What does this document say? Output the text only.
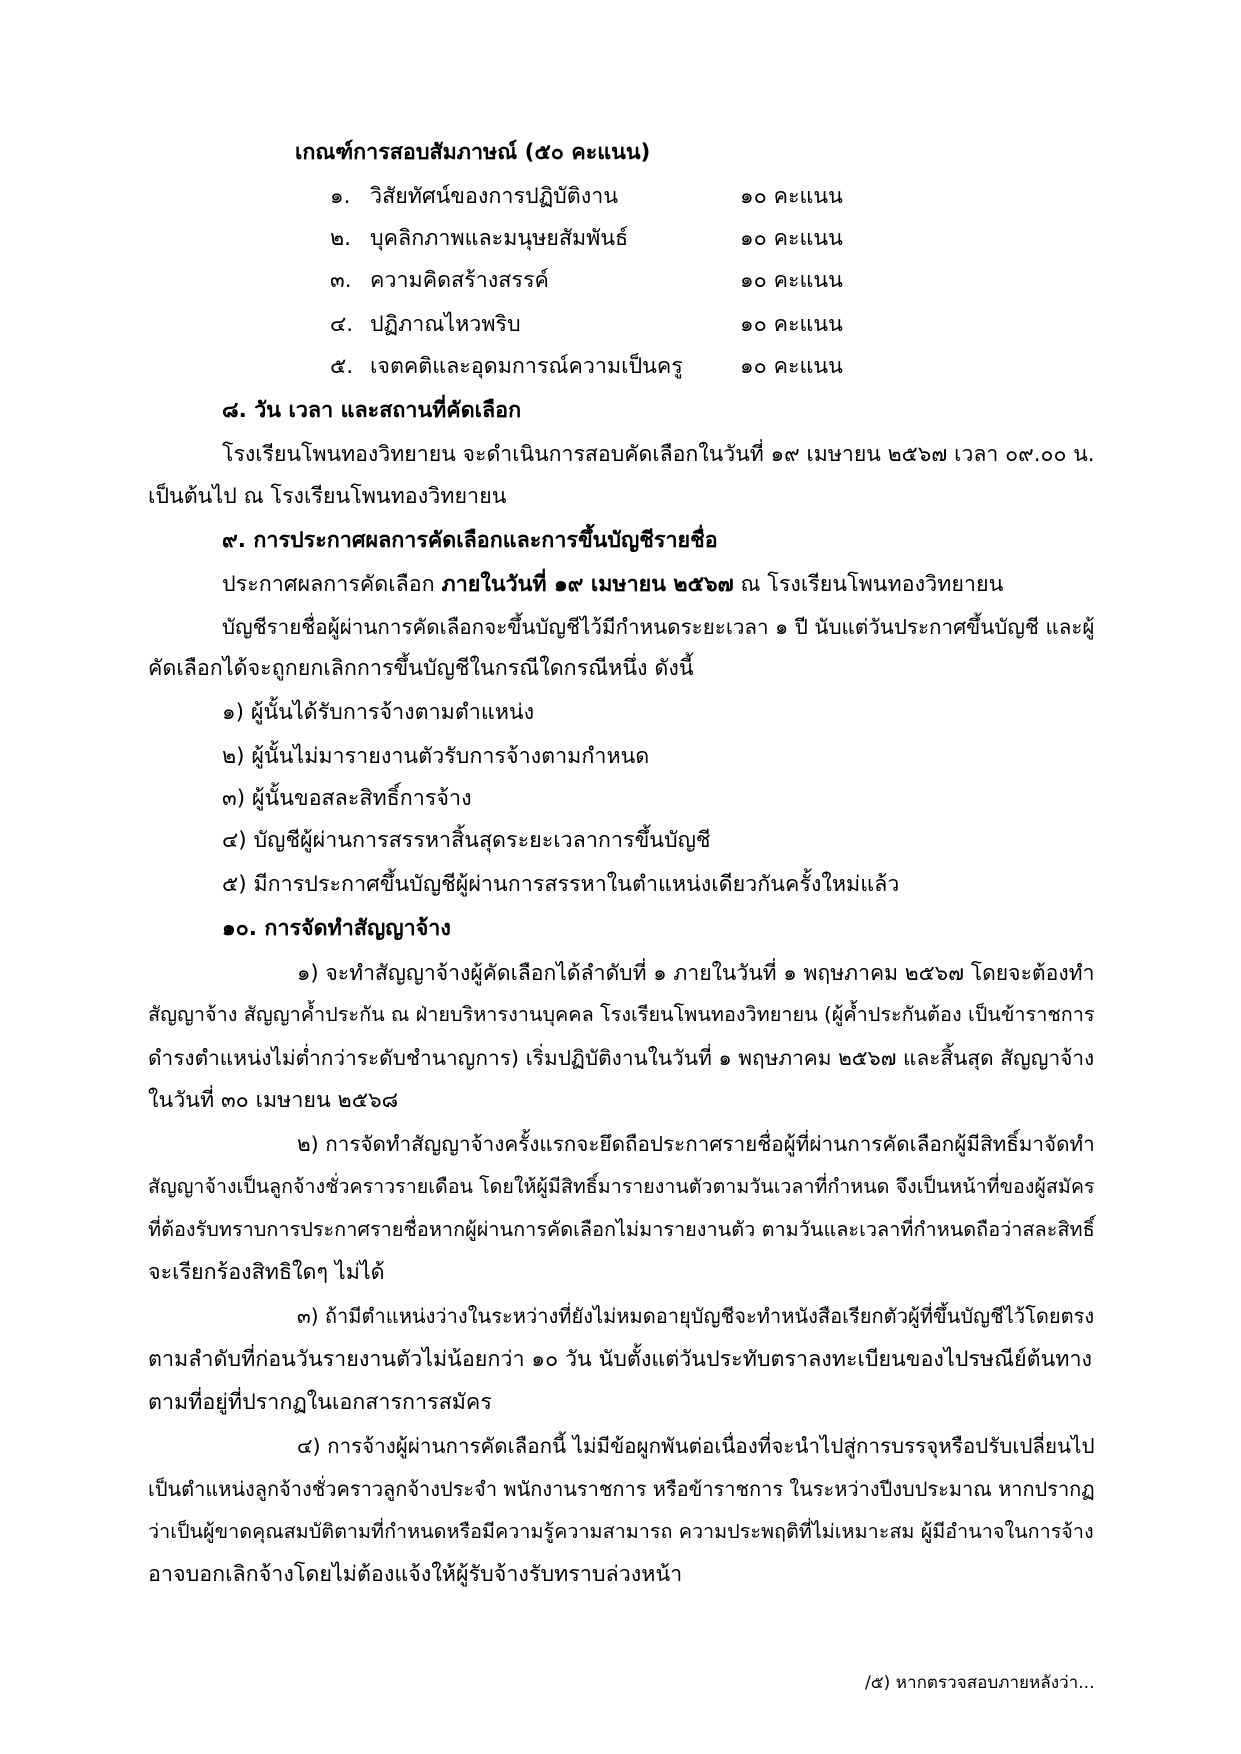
เกณฑ์การสอบสัมภาษณ์ (๕๐ คะแนน)
๑. วิสัยทัศน์ของการปฏิบัติงาน	๑๐ คะแนน
๒. บุคลิกภาพและมนุษยสัมพันธ์	๑๐ คะแนน
๓. ความคิดสร้างสรรค์	๑๐ คะแนน
๔. ปฏิภาณไหวพริบ	๑๐ คะแนน
๕. เจตคติและอุดมการณ์ความเป็นครู	๑๐ คะแนน
๘. วัน เวลา และสถานที่คัดเลือก
โรงเรียนโพนทองวิทยายน จะดำเนินการสอบคัดเลือกในวันที่ ๑๙ เมษายน ๒๕๖๗ เวลา ๐๙.๐๐ น.
เป็นต้นไป ณ โรงเรียนโพนทองวิทยายน
๙. การประกาศผลการคัดเลือกและการขึ้นบัญชีรายชื่อ
ประกาศผลการคัดเลือก ภายในวันที่ ๑๙ เมษายน ๒๕๖๗ ณ โรงเรียนโพนทองวิทยายน
บัญชีรายชื่อผู้ผ่านการคัดเลือกจะขึ้นบัญชีไว้มีกำหนดระยะเวลา ๑ ปี นับแต่วันประกาศขึ้นบัญชี และผู้
คัดเลือกได้จะถูกยกเลิกการขึ้นบัญชีในกรณีใดกรณีหนึ่ง ดังนี้
๑) ผู้นั้นได้รับการจ้างตามตำแหน่ง
๒) ผู้นั้นไม่มารายงานตัวรับการจ้างตามกำหนด
๓) ผู้นั้นขอสละสิทธิ์การจ้าง
๔) บัญชีผู้ผ่านการสรรหาสิ้นสุดระยะเวลาการขึ้นบัญชี
๕) มีการประกาศขึ้นบัญชีผู้ผ่านการสรรหาในตำแหน่งเดียวกันครั้งใหม่แล้ว
๑๐. การจัดทำสัญญาจ้าง
๑) จะทำสัญญาจ้างผู้คัดเลือกได้ลำดับที่ ๑ ภายในวันที่ ๑ พฤษภาคม ๒๕๖๗ โดยจะต้องทำ
สัญญาจ้าง สัญญาค้ำประกัน ณ ฝ่ายบริหารงานบุคคล โรงเรียนโพนทองวิทยายน (ผู้ค้ำประกันต้อง เป็นข้าราชการ
ดำรงตำแหน่งไม่ต่ำกว่าระดับชำนาญการ) เริ่มปฏิบัติงานในวันที่ ๑ พฤษภาคม ๒๕๖๗ และสิ้นสุด สัญญาจ้าง
ในวันที่ ๓๐ เมษายน ๒๕๖๘
๒) การจัดทำสัญญาจ้างครั้งแรกจะยึดถือประกาศรายชื่อผู้ที่ผ่านการคัดเลือกผู้มีสิทธิ์มาจัดทำ
สัญญาจ้างเป็นลูกจ้างชั่วคราวรายเดือน โดยให้ผู้มีสิทธิ์มารายงานตัวตามวันเวลาที่กำหนด จึงเป็นหน้าที่ของผู้สมัคร
ที่ต้องรับทราบการประกาศรายชื่อหากผู้ผ่านการคัดเลือกไม่มารายงานตัว ตามวันและเวลาที่กำหนดถือว่าสละสิทธิ์
จะเรียกร้องสิทธิใดๆ ไม่ได้
๓) ถ้ามีตำแหน่งว่างในระหว่างที่ยังไม่หมดอายุบัญชีจะทำหนังสือเรียกตัวผู้ที่ขึ้นบัญชีไว้โดยตรง
ตามลำดับที่ก่อนวันรายงานตัวไม่น้อยกว่า ๑๐ วัน นับตั้งแต่วันประทับตราลงทะเบียนของไปรษณีย์ต้นทาง
ตามที่อยู่ที่ปรากฏในเอกสารการสมัคร
๔) การจ้างผู้ผ่านการคัดเลือกนี้ ไม่มีข้อผูกพันต่อเนื่องที่จะนำไปสู่การบรรจุหรือปรับเปลี่ยนไป
เป็นตำแหน่งลูกจ้างชั่วคราวลูกจ้างประจำ พนักงานราชการ หรือข้าราชการ ในระหว่างปีงบประมาณ หากปรากฏ
ว่าเป็นผู้ขาดคุณสมบัติตามที่กำหนดหรือมีความรู้ความสามารถ ความประพฤติที่ไม่เหมาะสม ผู้มีอำนาจในการจ้าง
อาจบอกเลิกจ้างโดยไม่ต้องแจ้งให้ผู้รับจ้างรับทราบล่วงหน้า
/๕) หากตรวจสอบภายหลังว่า...
